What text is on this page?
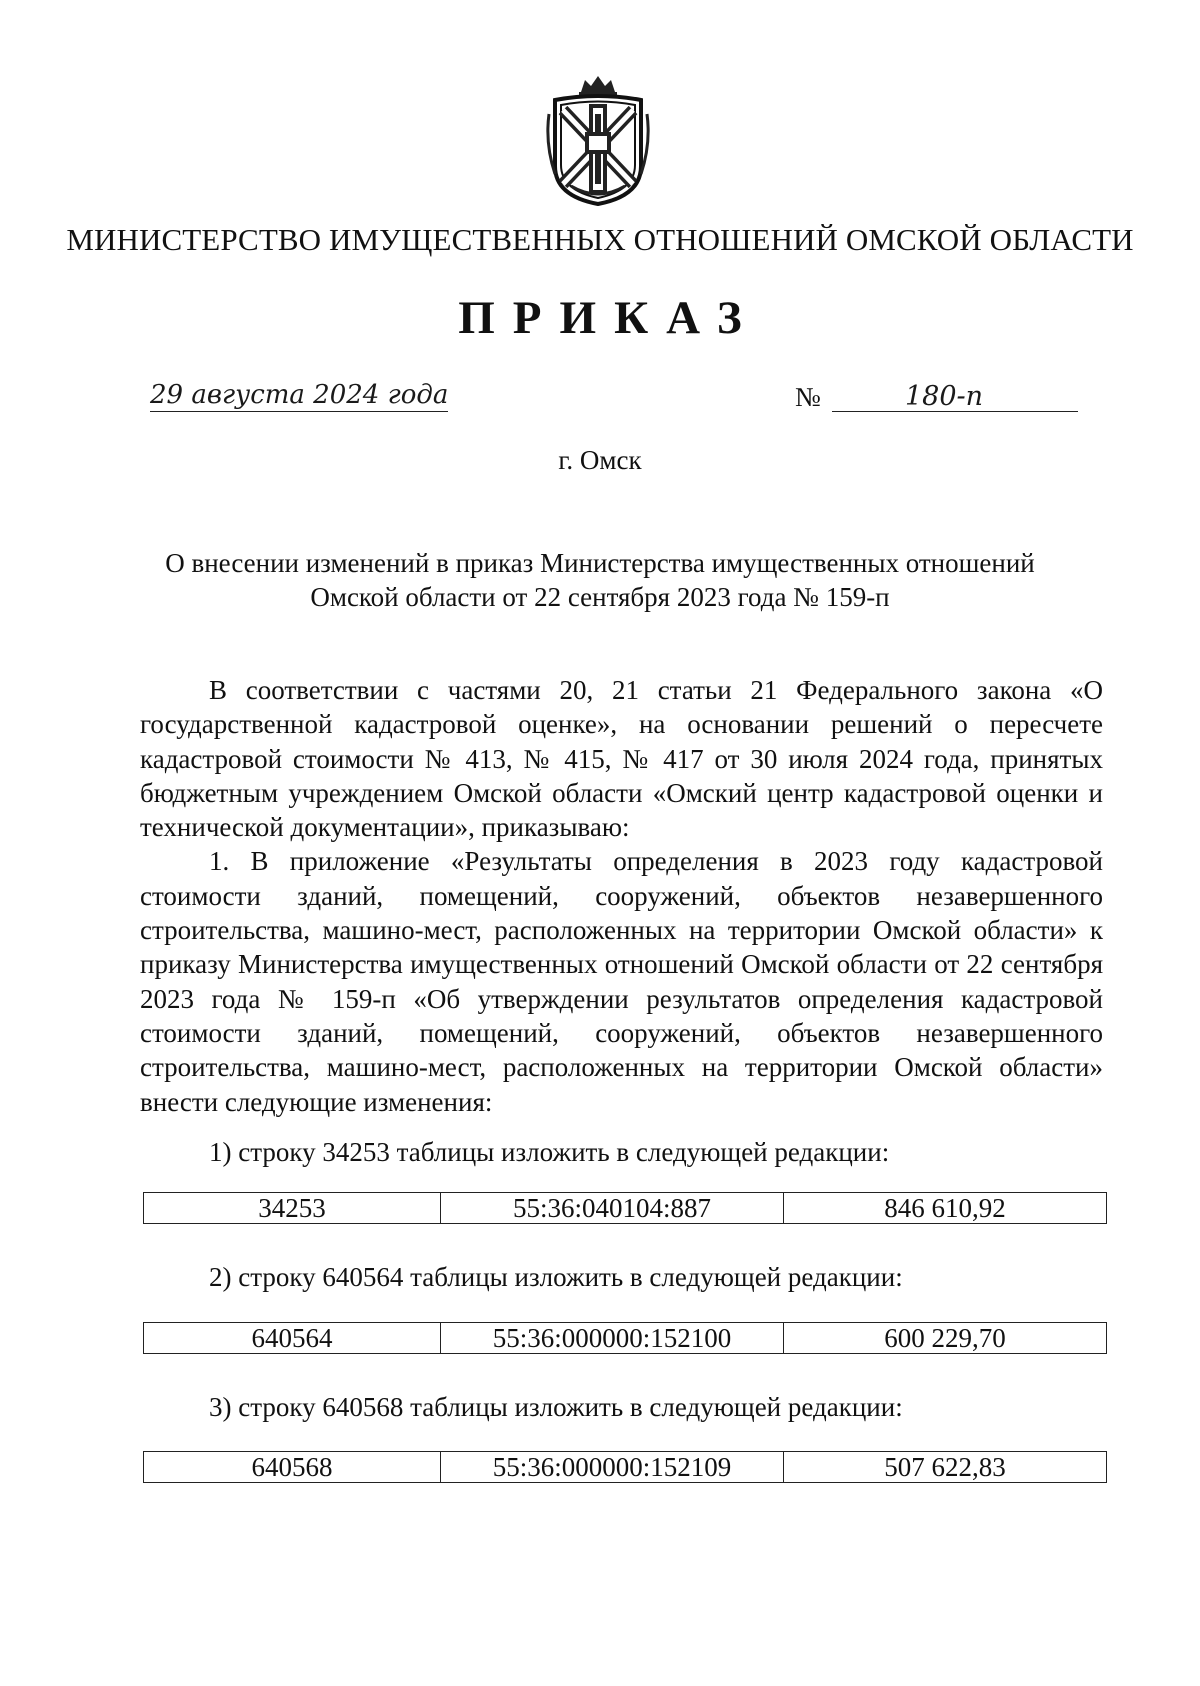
МИНИСТЕРСТВО ИМУЩЕСТВЕННЫХ ОТНОШЕНИЙ ОМСКОЙ ОБЛАСТИ
ПРИКАЗ
29 августа 2024 года	№	180-п
г. Омск
О внесении изменений в приказ Министерства имущественных отношений Омской области от 22 сентября 2023 года № 159-п

В соответствии с частями 20, 21 статьи 21 Федерального закона «О государственной кадастровой оценке», на основании решений о пересчете кадастровой стоимости № 413, № 415, № 417 от 30 июля 2024 года, принятых бюджетным учреждением Омской области «Омский центр кадастровой оценки и технической документации», приказываю:

1. В приложение «Результаты определения в 2023 году кадастровой стоимости зданий, помещений, сооружений, объектов незавершенного строительства, машино-мест, расположенных на территории Омской области» к приказу Министерства имущественных отношений Омской области от 22 сентября 2023 года № 159-п «Об утверждении результатов определения кадастровой стоимости зданий, помещений, сооружений, объектов незавершенного строительства, машино-мест, расположенных на территории Омской области» внести следующие изменения:

1) строку 34253 таблицы изложить в следующей редакции:
34253	55:36:040104:887	846 610,92
2) строку 640564 таблицы изложить в следующей редакции:
640564	55:36:000000:152100	600 229,70
3) строку 640568 таблицы изложить в следующей редакции:
640568	55:36:000000:152109	507 622,83
